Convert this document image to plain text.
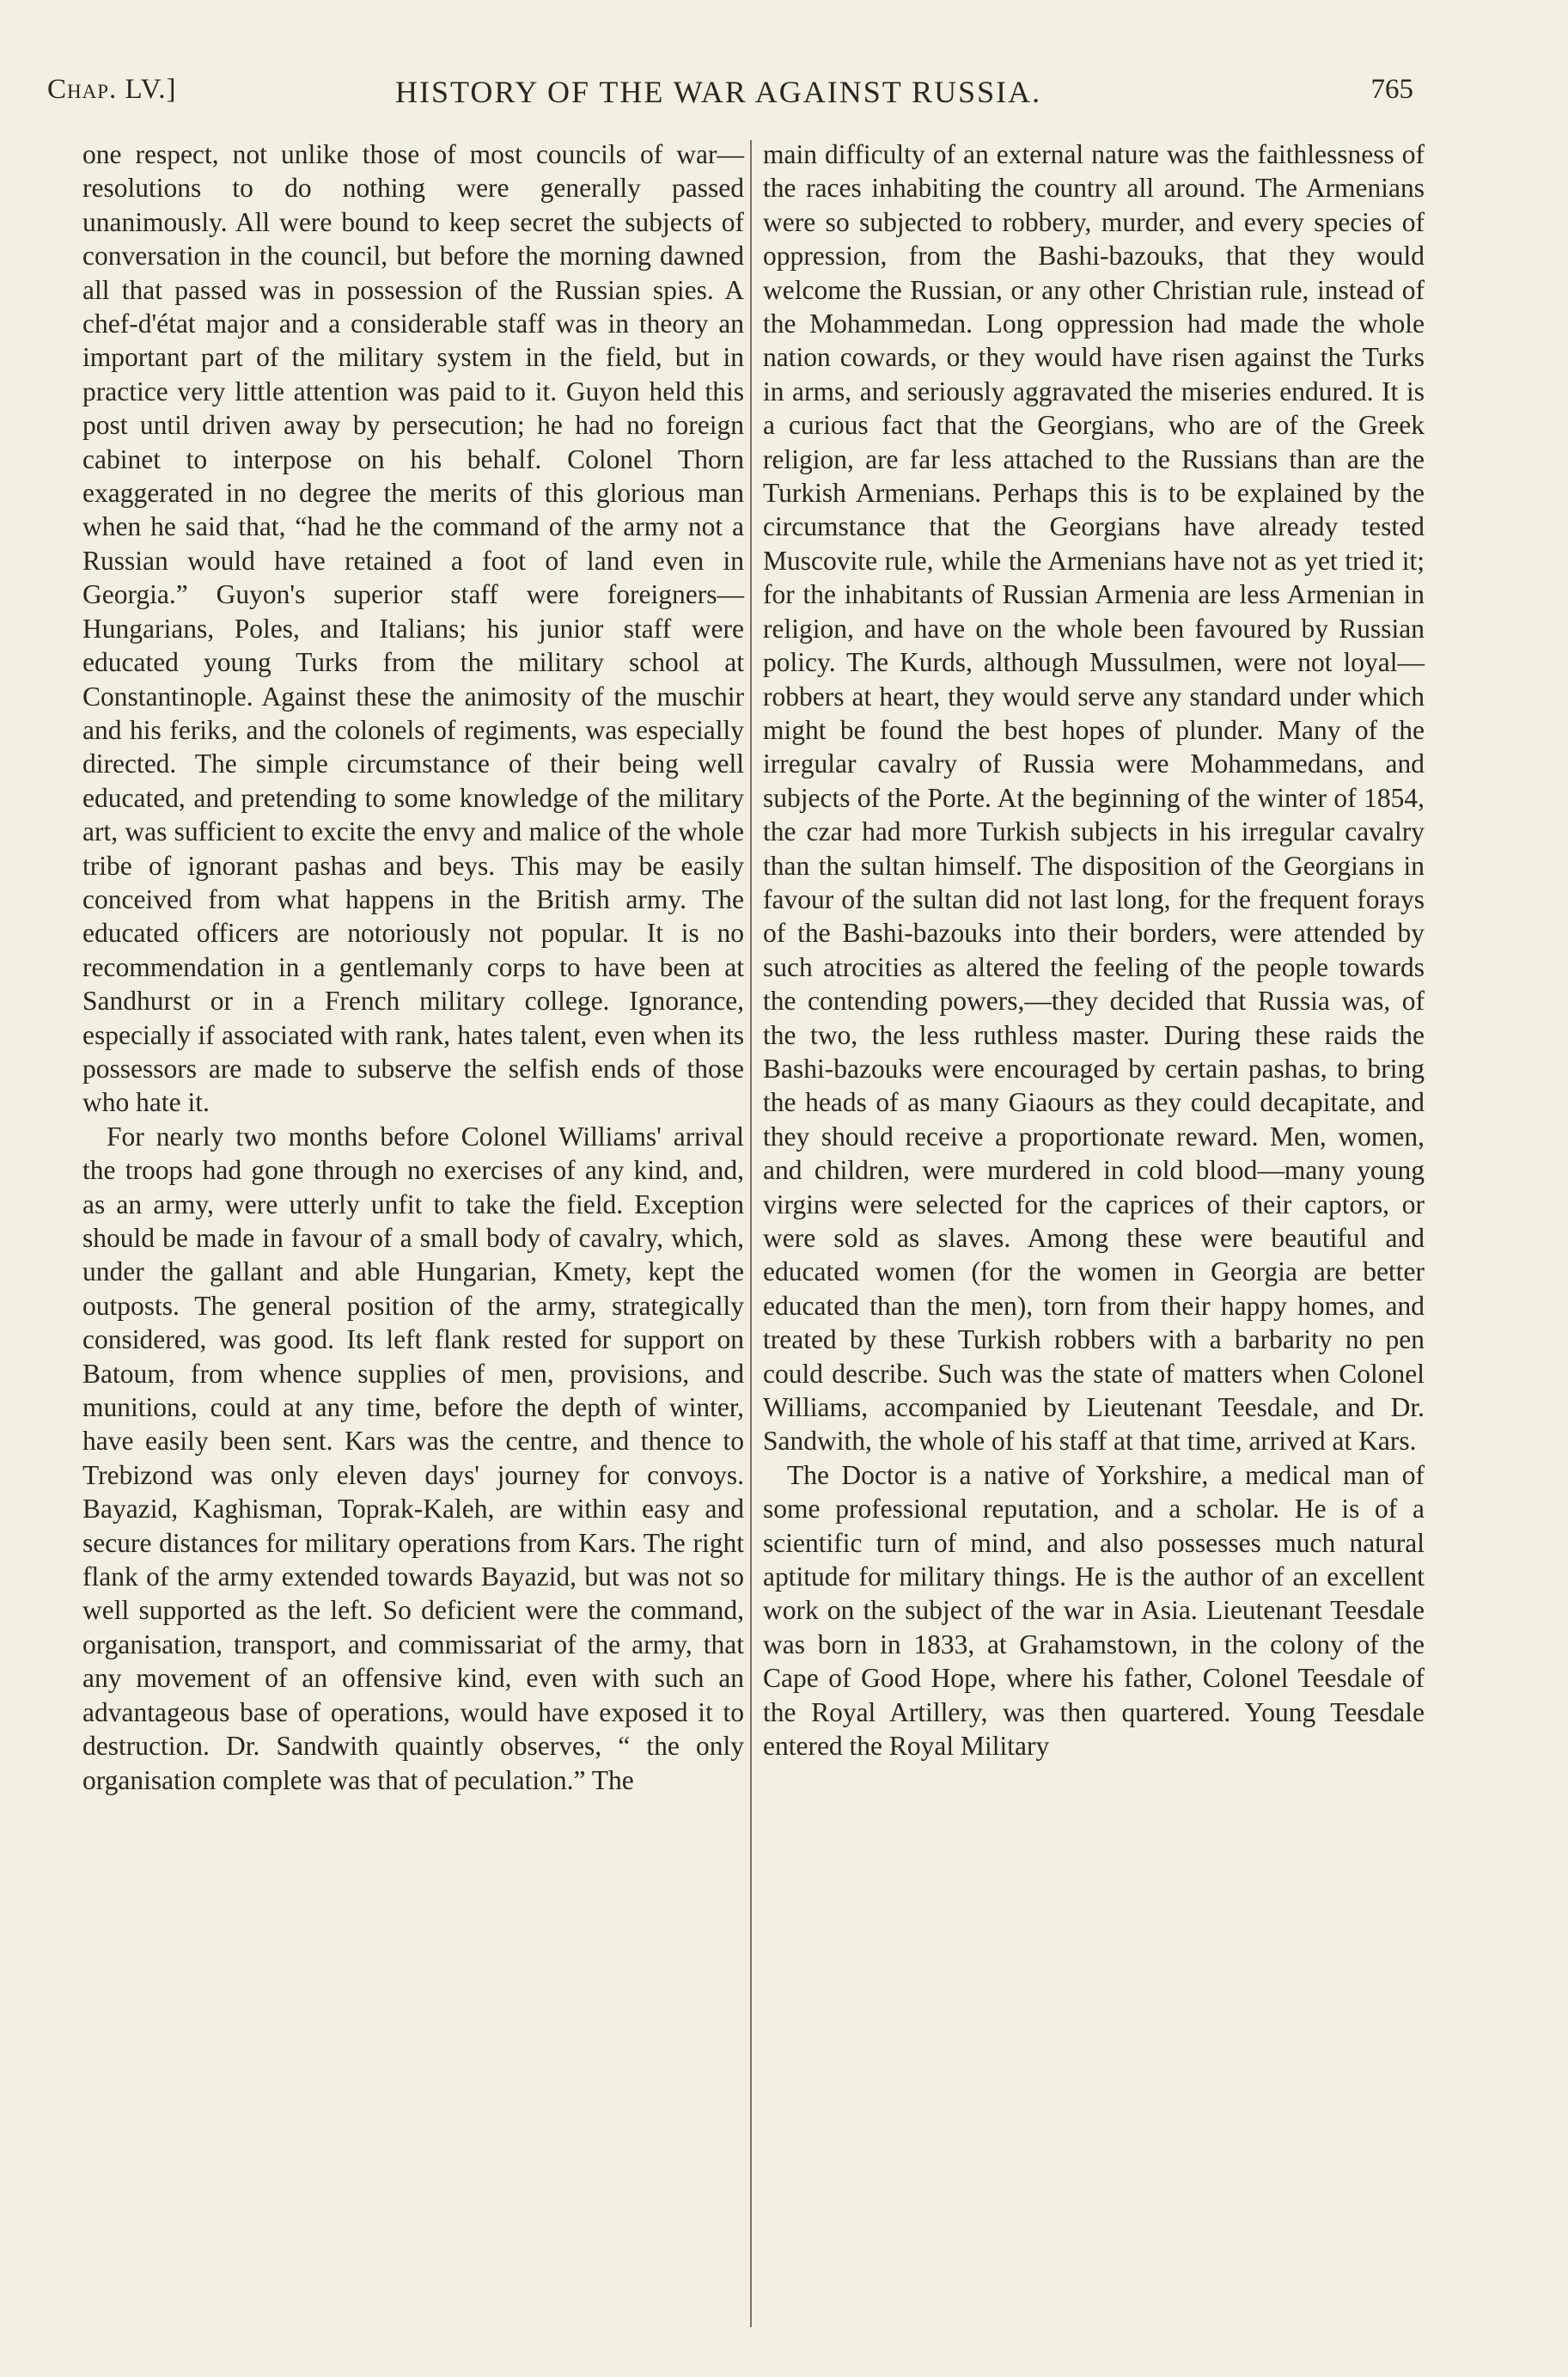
Chap. LV.]	HISTORY OF THE WAR AGAINST RUSSIA.	765

one respect, not unlike those of most councils of war—resolutions to do nothing were generally passed unanimously. All were bound to keep secret the subjects of conversation in the council, but before the morning dawned all that passed was in possession of the Russian spies. A chef-d'état major and a considerable staff was in theory an important part of the military system in the field, but in practice very little attention was paid to it. Guyon held this post until driven away by persecution; he had no foreign cabinet to interpose on his behalf. Colonel Thorn exaggerated in no degree the merits of this glorious man when he said that, “had he the command of the army not a Russian would have retained a foot of land even in Georgia.” Guyon's superior staff were foreigners—Hungarians, Poles, and Italians; his junior staff were educated young Turks from the military school at Constantinople. Against these the animosity of the muschir and his feriks, and the colonels of regiments, was especially directed. The simple circumstance of their being well educated, and pretending to some knowledge of the military art, was sufficient to excite the envy and malice of the whole tribe of ignorant pashas and beys. This may be easily conceived from what happens in the British army. The educated officers are notoriously not popular. It is no recommendation in a gentlemanly corps to have been at Sandhurst or in a French military college. Ignorance, especially if associated with rank, hates talent, even when its possessors are made to subserve the selfish ends of those who hate it.

For nearly two months before Colonel Williams' arrival the troops had gone through no exercises of any kind, and, as an army, were utterly unfit to take the field. Exception should be made in favour of a small body of cavalry, which, under the gallant and able Hungarian, Kmety, kept the outposts. The general position of the army, strategically considered, was good. Its left flank rested for support on Batoum, from whence supplies of men, provisions, and munitions, could at any time, before the depth of winter, have easily been sent. Kars was the centre, and thence to Trebizond was only eleven days' journey for convoys. Bayazid, Kaghisman, Toprak-Kaleh, are within easy and secure distances for military operations from Kars. The right flank of the army extended towards Bayazid, but was not so well supported as the left. So deficient were the command, organisation, transport, and commissariat of the army, that any movement of an offensive kind, even with such an advantageous base of operations, would have exposed it to destruction. Dr. Sandwith quaintly observes, “ the only organisation complete was that of peculation.” The

main difficulty of an external nature was the faithlessness of the races inhabiting the country all around. The Armenians were so subjected to robbery, murder, and every species of oppression, from the Bashi-bazouks, that they would welcome the Russian, or any other Christian rule, instead of the Mohammedan. Long oppression had made the whole nation cowards, or they would have risen against the Turks in arms, and seriously aggravated the miseries endured. It is a curious fact that the Georgians, who are of the Greek religion, are far less attached to the Russians than are the Turkish Armenians. Perhaps this is to be explained by the circumstance that the Georgians have already tested Muscovite rule, while the Armenians have not as yet tried it; for the inhabitants of Russian Armenia are less Armenian in religion, and have on the whole been favoured by Russian policy. The Kurds, although Mussulmen, were not loyal—robbers at heart, they would serve any standard under which might be found the best hopes of plunder. Many of the irregular cavalry of Russia were Mohammedans, and subjects of the Porte. At the beginning of the winter of 1854, the czar had more Turkish subjects in his irregular cavalry than the sultan himself. The disposition of the Georgians in favour of the sultan did not last long, for the frequent forays of the Bashi-bazouks into their borders, were attended by such atrocities as altered the feeling of the people towards the contending powers,—they decided that Russia was, of the two, the less ruthless master. During these raids the Bashi-bazouks were encouraged by certain pashas, to bring the heads of as many Giaours as they could decapitate, and they should receive a proportionate reward. Men, women, and children, were murdered in cold blood—many young virgins were selected for the caprices of their captors, or were sold as slaves. Among these were beautiful and educated women (for the women in Georgia are better educated than the men), torn from their happy homes, and treated by these Turkish robbers with a barbarity no pen could describe. Such was the state of matters when Colonel Williams, accompanied by Lieutenant Teesdale, and Dr. Sandwith, the whole of his staff at that time, arrived at Kars.

The Doctor is a native of Yorkshire, a medical man of some professional reputation, and a scholar. He is of a scientific turn of mind, and also possesses much natural aptitude for military things. He is the author of an excellent work on the subject of the war in Asia. Lieutenant Teesdale was born in 1833, at Grahamstown, in the colony of the Cape of Good Hope, where his father, Colonel Teesdale of the Royal Artillery, was then quartered. Young Teesdale entered the Royal Military
